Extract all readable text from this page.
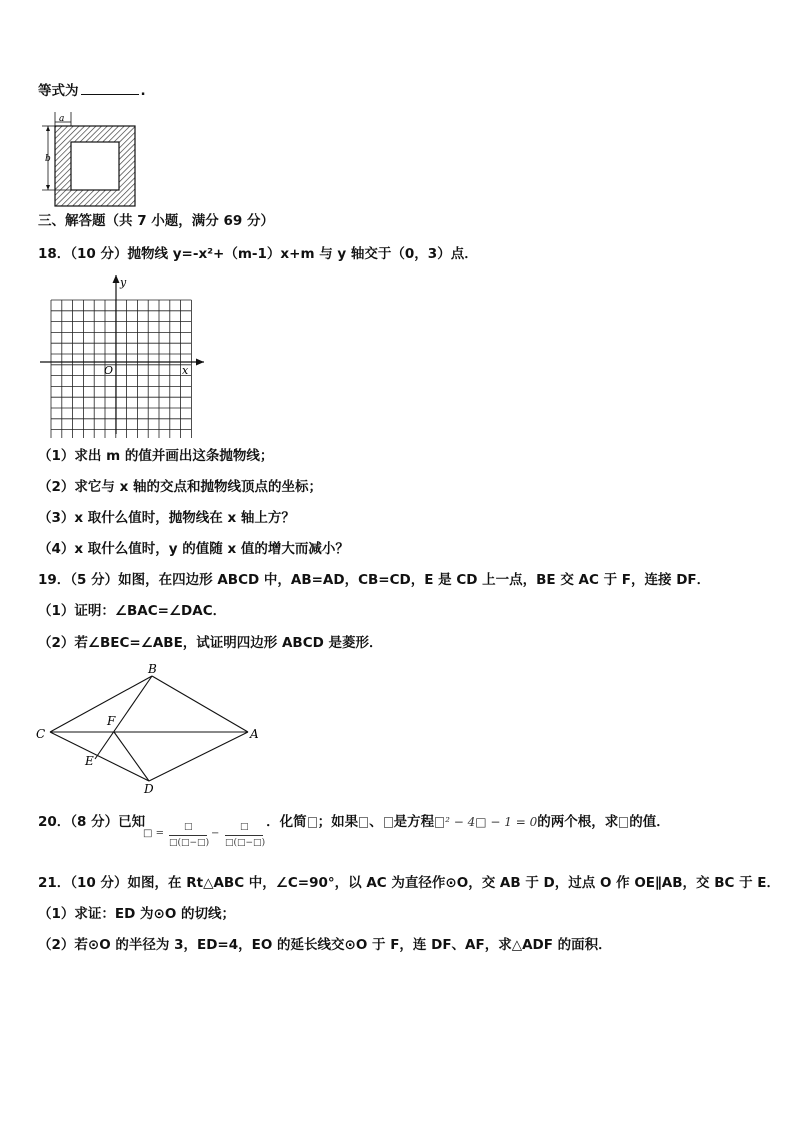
等式为	.
a
b
三、解答题（共 7 小题，满分 69 分）
18．（10 分）抛物线 y=-x²+（m-1）x+m 与 y 轴交于（0，3）点．
y
x
O
（1）求出 m 的值并画出这条抛物线；
（2）求它与 x 轴的交点和抛物线顶点的坐标；
（3）x 取什么值时，抛物线在 x 轴上方？
（4）x 取什么值时，y 的值随 x 值的增大而减小？
19．（5 分）如图，在四边形 ABCD 中，AB=AD，CB=CD，E 是 CD 上一点，BE 交 AC 于 F，连接 DF．
（1）证明：∠BAC=∠DAC．
（2）若∠BEC=∠ABE，试证明四边形 ABCD 是菱形．
B
C	A
D
F
E
20．（8 分）已知	．化简 ；如果 、 是方程 ² − 4□ − 1 = 0的两个根，求 的值．
□ =
□
□(□−□)
−
□
□(□−□)
21．（10 分）如图，在 Rt△ABC 中，∠C=90°，以 AC 为直径作⊙O，交 AB 于 D，过点 O 作 OE∥AB，交 BC 于 E．
（1）求证：ED 为⊙O 的切线；
（2）若⊙O 的半径为 3，ED=4，EO 的延长线交⊙O 于 F，连 DF、AF，求△ADF 的面积．
